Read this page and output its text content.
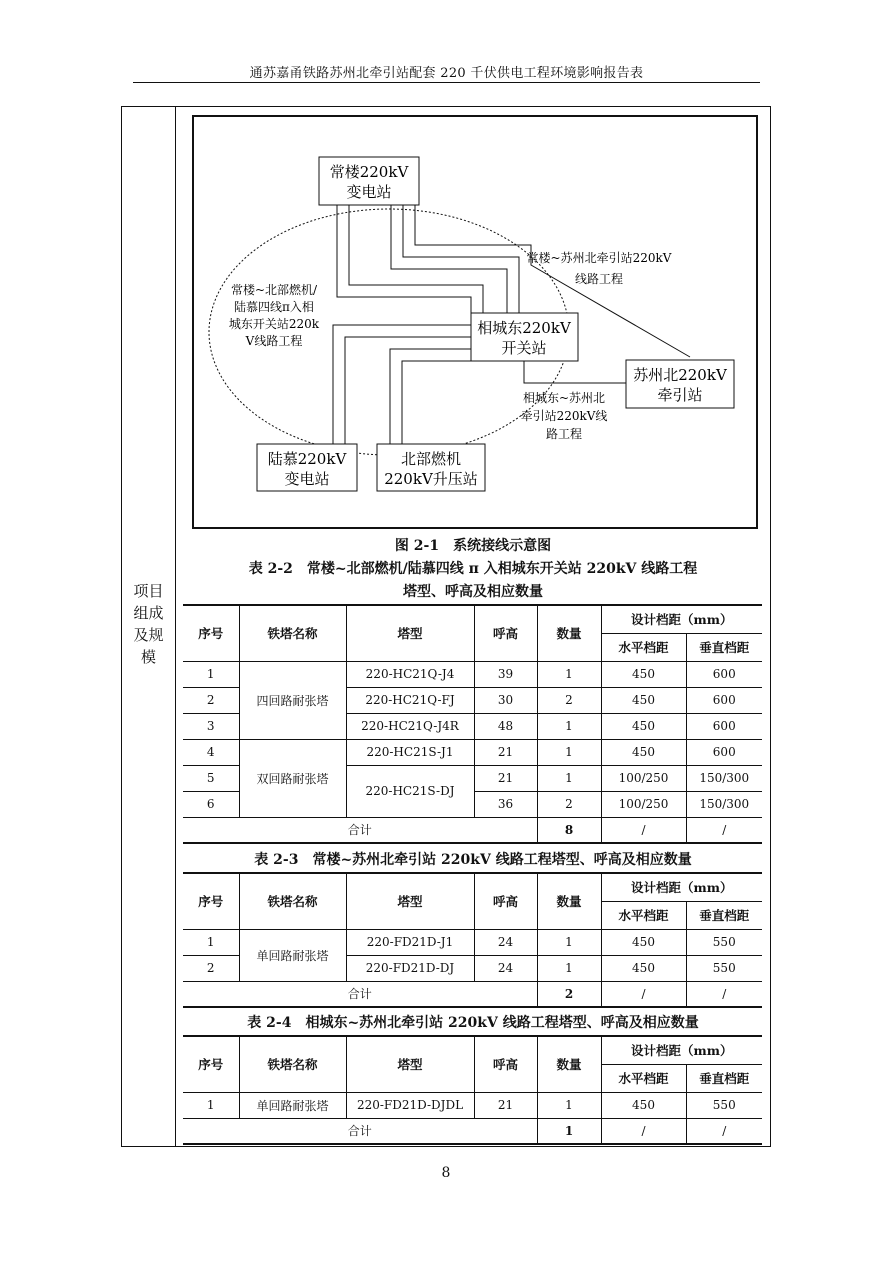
通苏嘉甬铁路苏州北牵引站配套 220 千伏供电工程环境影响报告表
项目
组成
及规
模
常楼220kV
变电站
相城东220kV
开关站
苏州北220kV
牵引站
陆慕220kV
变电站
北部燃机
220kV升压站
常楼~北部燃机/
陆慕四线π入相
城东开关站220k
V线路工程
常楼~苏州北牵引站220kV
线路工程
相城东~苏州北
牵引站220kV线
路工程
图 2-1　系统接线示意图
表 2-2　常楼~北部燃机/陆慕四线 π 入相城东开关站 220kV 线路工程
塔型、呼高及相应数量
序号	铁塔名称	塔型	呼高	数量	设计档距（mm）	
					水平档距	垂直档距
1	四回路耐张塔	220-HC21Q-J4	39	1	450	600
2		220-HC21Q-FJ	30	2	450	600
3		220-HC21Q-J4R	48	1	450	600
4	双回路耐张塔	220-HC21S-J1	21	1	450	600
5		220-HC21S-DJ	21	1	100/250	150/300
6			36	2	100/250	150/300
合计				8	/	/
表 2-3　常楼~苏州北牵引站 220kV 线路工程塔型、呼高及相应数量
序号	铁塔名称	塔型	呼高	数量	设计档距（mm）	
					水平档距	垂直档距
1	单回路耐张塔	220-FD21D-J1	24	1	450	550
2		220-FD21D-DJ	24	1	450	550
合计				2	/	/
表 2-4　相城东~苏州北牵引站 220kV 线路工程塔型、呼高及相应数量
序号	铁塔名称	塔型	呼高	数量	设计档距（mm）	
					水平档距	垂直档距
1	单回路耐张塔	220-FD21D-DJDL	21	1	450	550
合计				1	/	/
8
